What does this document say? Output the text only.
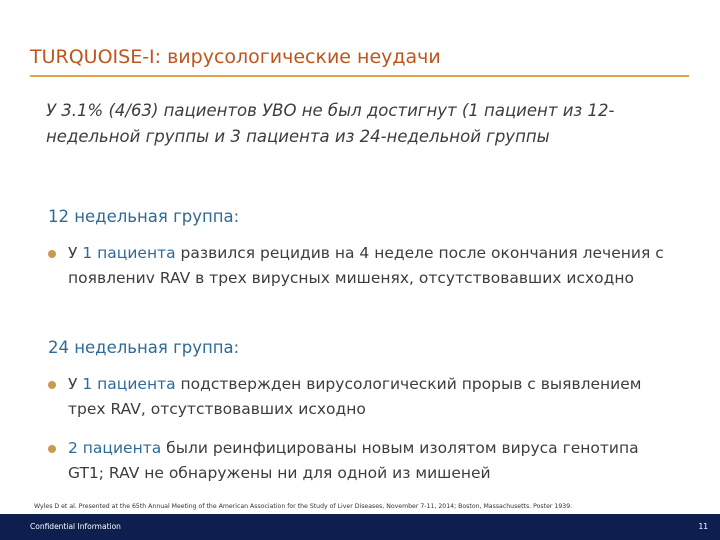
TURQUOISE-I: вирусологические неудачи
У 3.1% (4/63) пациентов УВО не был достигнут (1 пациент из 12-недельной группы и 3 пациента из 24-недельной группы
12 недельная группа:
У 1 пациента развился рецидив на 4 неделе после окончания лечения с появлениv RAV в трех вирусных мишенях, отсутствовавших исходно
24 недельная группа:
У 1 пациента подствержден вирусологический прорыв с выявлением трех RAV, отсутствовавших исходно
2 пациента были реинфицированы новым изолятом вируса генотипа GT1; RAV не обнаружены ни для одной из мишеней
Wyles D et al. Presented at the 65th Annual Meeting of the American Association for the Study of Liver Diseases, November 7-11, 2014; Boston, Massachusetts. Poster 1939.
Confidential Information	11
